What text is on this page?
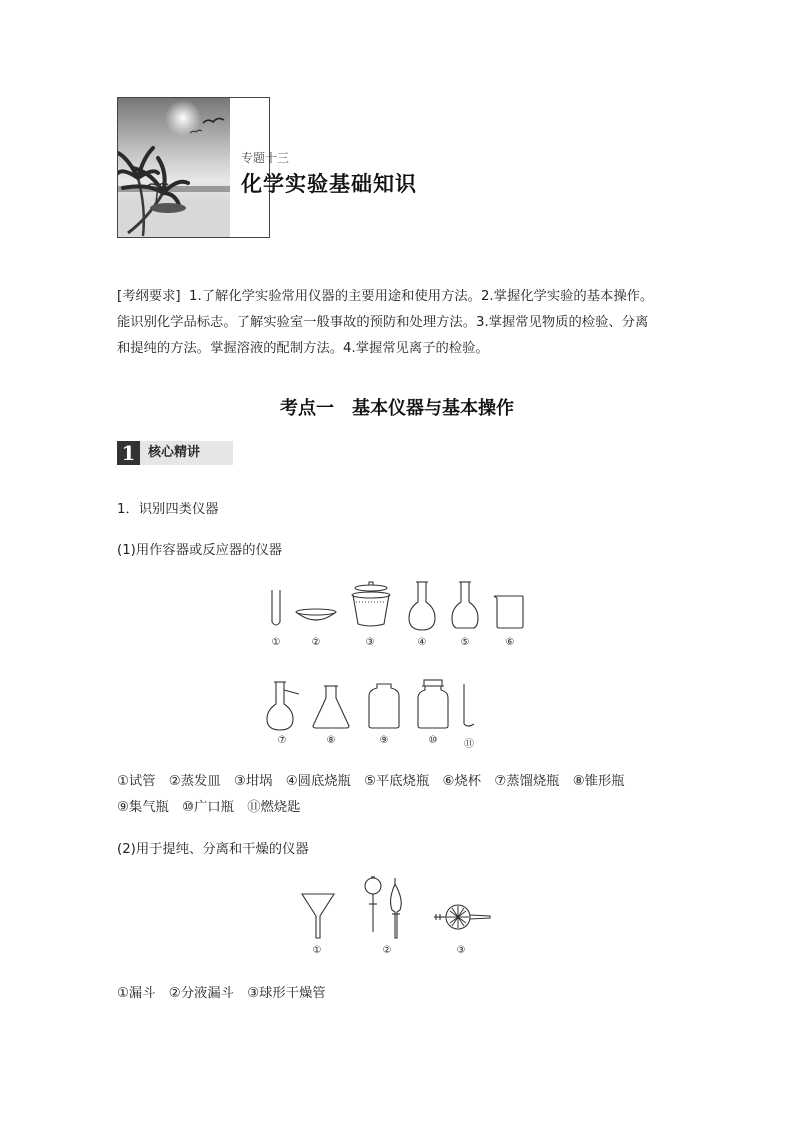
专题十三
化学实验基础知识
[考纲要求] 1.了解化学实验常用仪器的主要用途和使用方法。2.掌握化学实验的基本操作。
能识别化学品标志。了解实验室一般事故的预防和处理方法。3.掌握常见物质的检验、分离
和提纯的方法。掌握溶液的配制方法。4.掌握常见离子的检验。
考点一　基本仪器与基本操作
1 核心精讲
1．识别四类仪器
(1)用作容器或反应器的仪器
①	②	③	④	⑤	⑥
⑦	⑧	⑨	⑩	⑪
①试管　②蒸发皿　③坩埚　④圆底烧瓶　⑤平底烧瓶　⑥烧杯　⑦蒸馏烧瓶　⑧锥形瓶
⑨集气瓶　⑩广口瓶　⑪燃烧匙
(2)用于提纯、分离和干燥的仪器
①	②	③
①漏斗　②分液漏斗　③球形干燥管
